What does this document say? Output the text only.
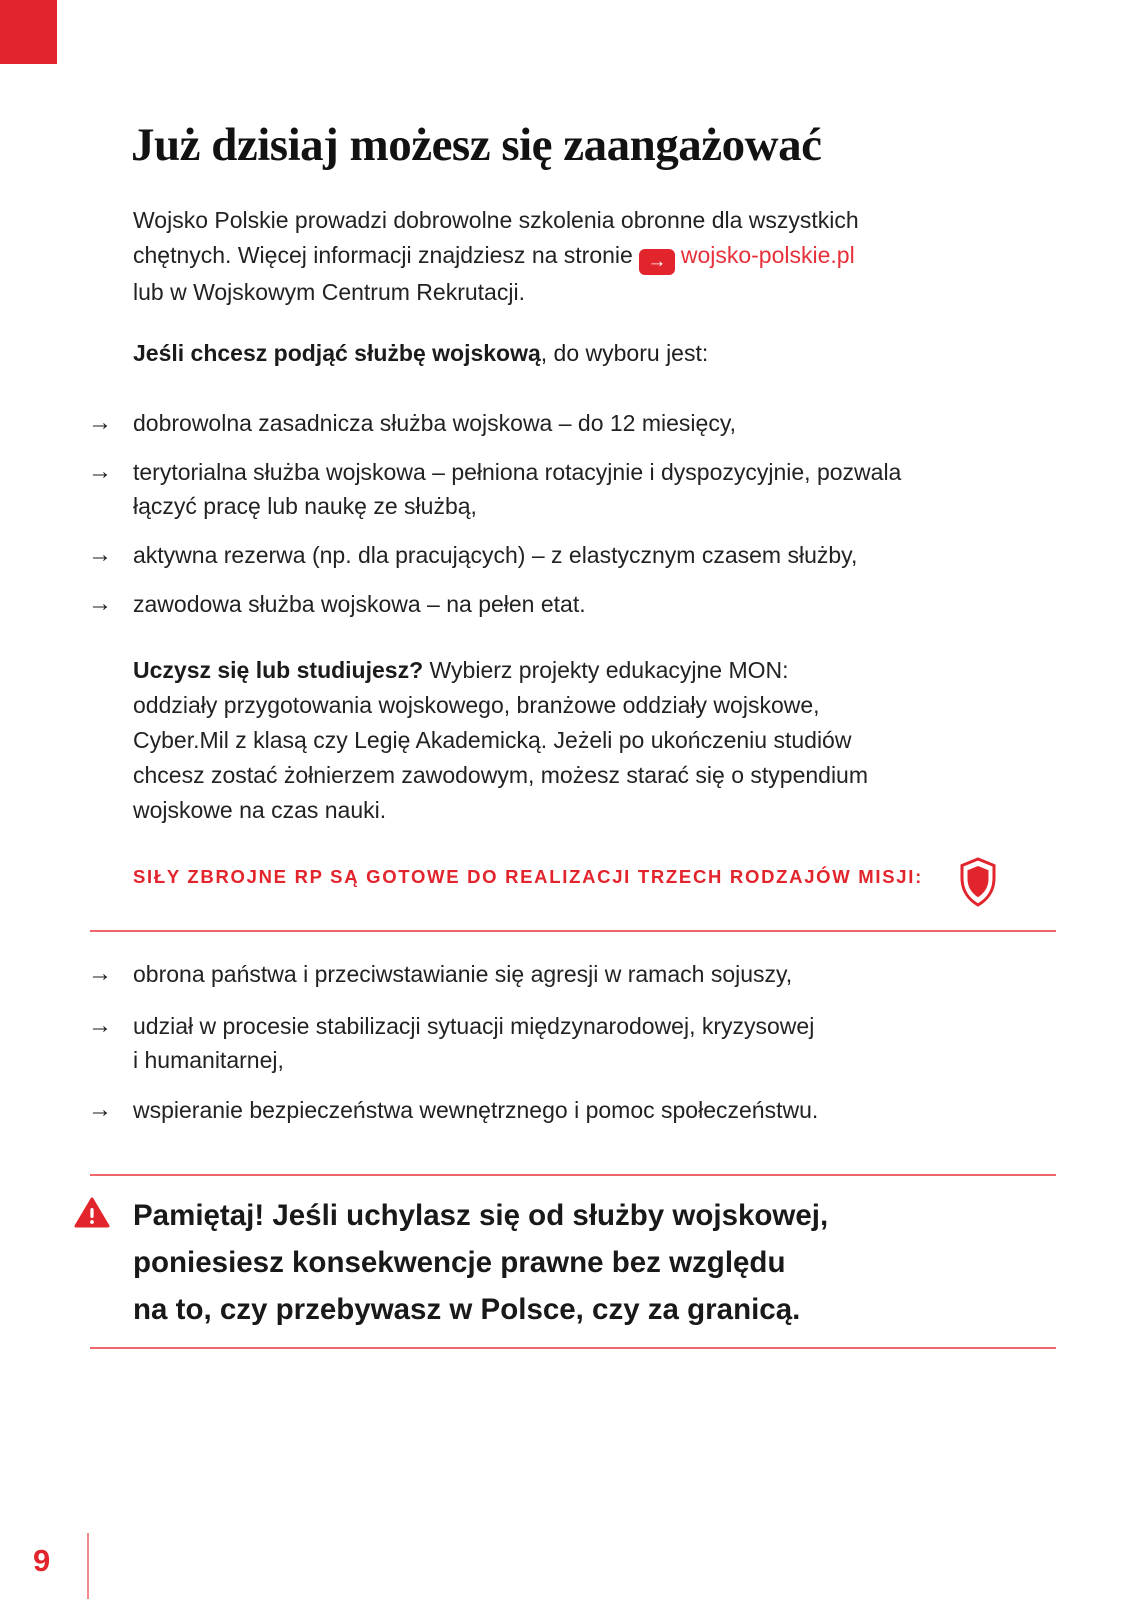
Już dzisiaj możesz się zaangażować
Wojsko Polskie prowadzi dobrowolne szkolenia obronne dla wszystkich
chętnych. Więcej informacji znajdziesz na stronie → wojsko-polskie.pl
lub w Wojskowym Centrum Rekrutacji.
Jeśli chcesz podjąć służbę wojskową, do wyboru jest:
→ dobrowolna zasadnicza służba wojskowa – do 12 miesięcy,
→ terytorialna służba wojskowa – pełniona rotacyjnie i dyspozycyjnie, pozwala
łączyć pracę lub naukę ze służbą,
→ aktywna rezerwa (np. dla pracujących) – z elastycznym czasem służby,
→ zawodowa służba wojskowa – na pełen etat.
Uczysz się lub studiujesz? Wybierz projekty edukacyjne MON:
oddziały przygotowania wojskowego, branżowe oddziały wojskowe,
Cyber.Mil z klasą czy Legię Akademicką. Jeżeli po ukończeniu studiów
chcesz zostać żołnierzem zawodowym, możesz starać się o stypendium
wojskowe na czas nauki.
SIŁY ZBROJNE RP SĄ GOTOWE DO REALIZACJI TRZECH RODZAJÓW MISJI:
→ obrona państwa i przeciwstawianie się agresji w ramach sojuszy,
→ udział w procesie stabilizacji sytuacji międzynarodowej, kryzysowej
i humanitarnej,
→ wspieranie bezpieczeństwa wewnętrznego i pomoc społeczeństwu.
Pamiętaj! Jeśli uchylasz się od służby wojskowej,
poniesiesz konsekwencje prawne bez względu
na to, czy przebywasz w Polsce, czy za granicą.
9
